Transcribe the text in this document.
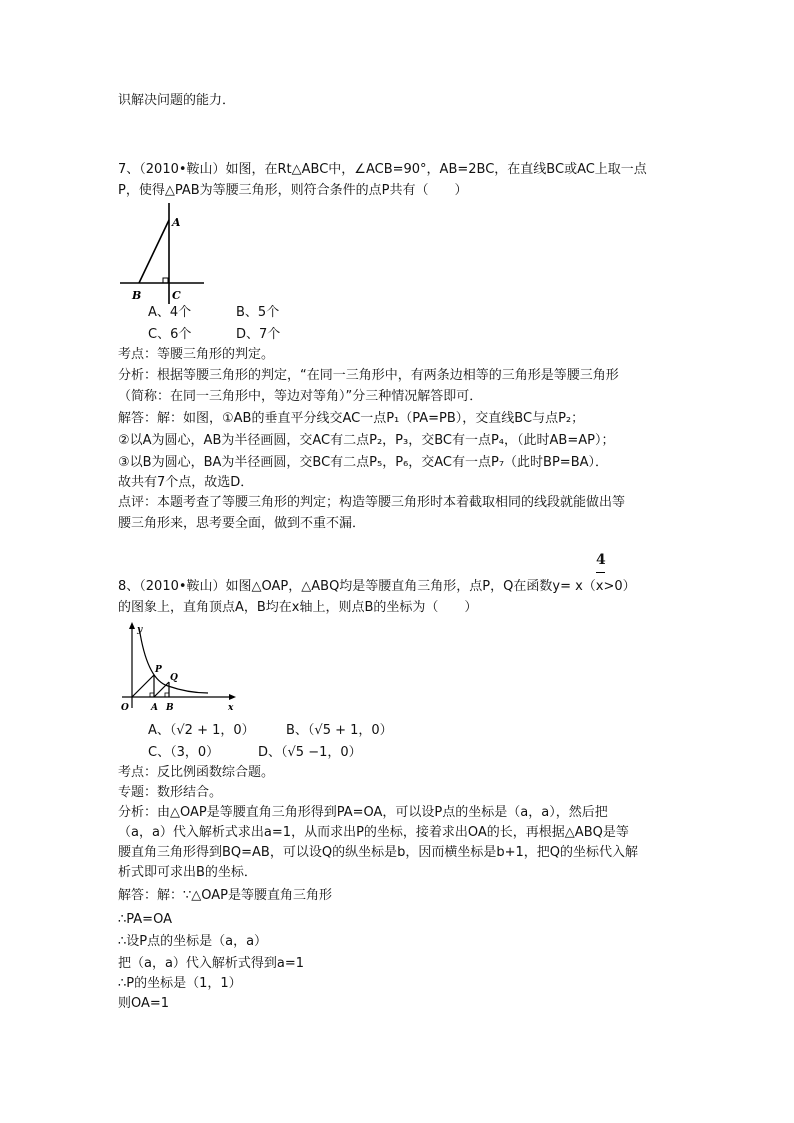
识解决问题的能力．
7、（2010•鞍山）如图，在Rt△ABC中，∠ACB=90°，AB=2BC，在直线BC或AC上取一点
P，使得△PAB为等腰三角形，则符合条件的点P共有（　　）
A
B	C
A、4个	B、5个
C、6个	D、7个
考点：等腰三角形的判定。
分析：根据等腰三角形的判定，“在同一三角形中，有两条边相等的三角形是等腰三角形
（简称：在同一三角形中，等边对等角）”分三种情况解答即可．
解答：解：如图，①AB的垂直平分线交AC一点P₁（PA=PB），交直线BC与点P₂；
②以A为圆心，AB为半径画圆，交AC有二点P₂，P₃，交BC有一点P₄，（此时AB=AP）；
③以B为圆心，BA为半径画圆，交BC有二点P₅，P₆，交AC有一点P₇（此时BP=BA）．
故共有7个点，故选D．
点评：本题考查了等腰三角形的判定；构造等腰三角形时本着截取相同的线段就能做出等
腰三角形来，思考要全面，做到不重不漏．
4
8、（2010•鞍山）如图△OAP，△ABQ均是等腰直角三角形，点P，Q在函数y= x（x>0）
的图象上，直角顶点A，B均在x轴上，则点B的坐标为（　　）
y
x
O A B
P
Q
A、（√2 + 1，0） B、（√5 + 1，0）
C、（3，0）	D、（√5 −1，0）
考点：反比例函数综合题。
专题：数形结合。
分析：由△OAP是等腰直角三角形得到PA=OA，可以设P点的坐标是（a，a），然后把
（a，a）代入解析式求出a=1，从而求出P的坐标，接着求出OA的长，再根据△ABQ是等
腰直角三角形得到BQ=AB，可以设Q的纵坐标是b，因而横坐标是b+1，把Q的坐标代入解
析式即可求出B的坐标．
解答：解：∵△OAP是等腰直角三角形
∴PA=OA
∴设P点的坐标是（a，a）
把（a，a）代入解析式得到a=1
∴P的坐标是（1，1）
则OA=1
